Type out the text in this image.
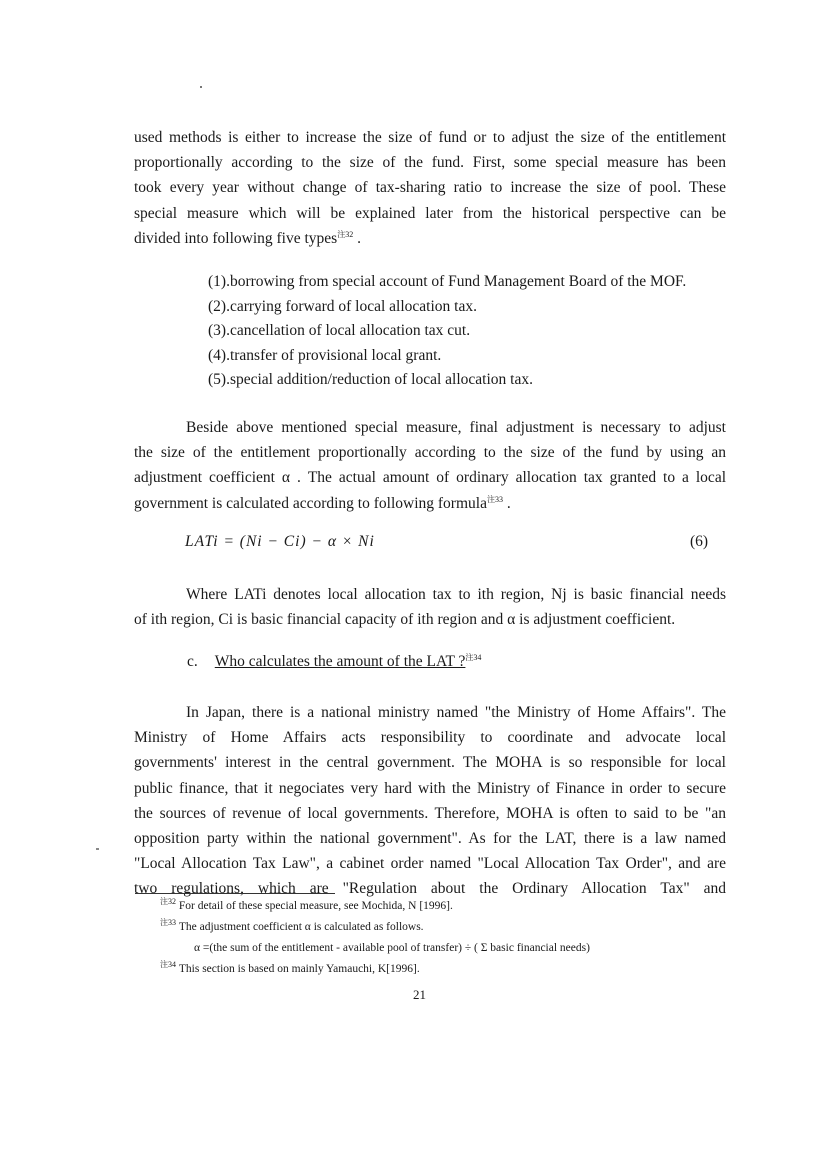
used methods is either to increase the size of fund or to adjust the size of the entitlement
proportionally according to the size of the fund. First, some special measure has been
took every year without change of tax-sharing ratio to increase the size of pool. These
special measure which will be explained later from the historical perspective can be
divided into following five types$^{注32}$ .
(1).borrowing from special account of Fund Management Board of the MOF.
(2).carrying forward of local allocation tax.
(3).cancellation of local allocation tax cut.
(4).transfer of provisional local grant.
(5).special addition/reduction of local allocation tax.
Beside above mentioned special measure, final adjustment is necessary to adjust
the size of the entitlement proportionally according to the size of the fund by using an
adjustment coefficient α . The actual amount of ordinary allocation tax granted to a local
government is calculated according to following formula$^{注33}$ .
LATi = (Ni − Ci) − α × Ni	(6)
Where LATi denotes local allocation tax to ith region, Nj is basic financial needs
of ith region, Ci is basic financial capacity of ith region and α is adjustment coefficient.
c. Who calculates the amount of the LAT ?$^{注34}$
In Japan, there is a national ministry named "the Ministry of Home Affairs". The
Ministry of Home Affairs acts responsibility to coordinate and advocate local
governments' interest in the central government. The MOHA is so responsible for local
public finance, that it negociates very hard with the Ministry of Finance in order to secure
the sources of revenue of local governments. Therefore, MOHA is often to said to be "an
opposition party within the national government". As for the LAT, there is a law named
"Local Allocation Tax Law", a cabinet order named "Local Allocation Tax Order", and are
two regulations, which are "Regulation about the Ordinary Allocation Tax" and
$^{注32}$ For detail of these special measure, see Mochida, N [1996].
$^{注33}$ The adjustment coefficient α is calculated as follows.
α =(the sum of the entitlement - available pool of transfer) ÷ ( Σ basic financial needs)
$^{注34}$ This section is based on mainly Yamauchi, K[1996].
21
